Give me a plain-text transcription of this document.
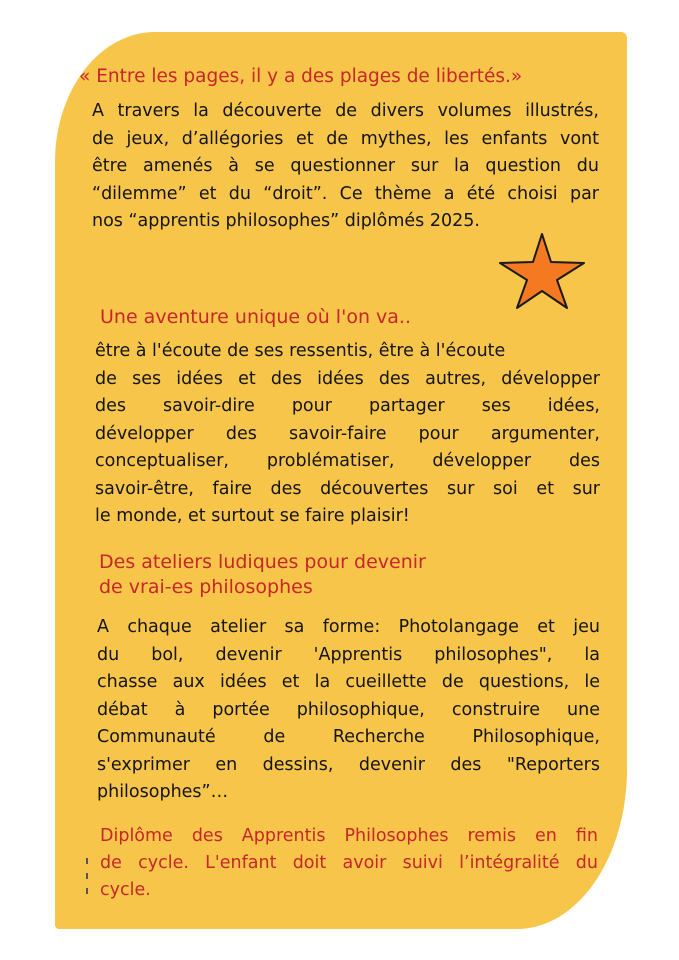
« Entre les pages, il y a des plages de libertés.»

A travers la découverte de divers volumes illustrés,
de jeux, d’allégories et de mythes, les enfants vont
être amenés à se questionner sur la question du
“dilemme” et du “droit”. Ce thème a été choisi par
nos “apprentis philosophes” diplômés 2025.

Une aventure unique où l'on va..

être à l'écoute de ses ressentis, être à l'écoute
de ses idées et des idées des autres, développer
des savoir-dire pour partager ses idées,
développer des savoir-faire pour argumenter,
conceptualiser, problématiser, développer des
savoir-être, faire des découvertes sur soi et sur
le monde, et surtout se faire plaisir!
Des ateliers ludiques pour devenir
de vrai-es philosophes
A chaque atelier sa forme: Photolangage et jeu
du bol, devenir 'Apprentis philosophes", la
chasse aux idées et la cueillette de questions, le
débat à portée philosophique, construire une
Communauté de Recherche Philosophique,
s'exprimer en dessins, devenir des "Reporters
philosophes”…
Diplôme des Apprentis Philosophes remis en fin
de cycle. L'enfant doit avoir suivi l’intégralité du
cycle.
